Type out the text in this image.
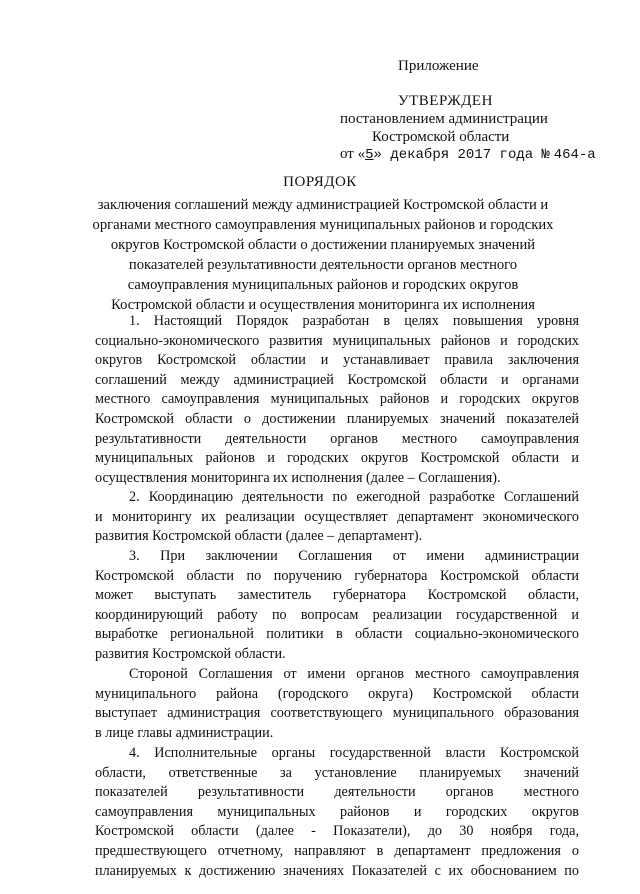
Приложение
УТВЕРЖДЕН
постановлением администрации
Костромской области
от «5» декабря 2017 года № 464-а
ПОРЯДОК
заключения соглашений между администрацией Костромской области и
органами местного самоуправления муниципальных районов и городских
округов Костромской области о достижении планируемых значений
показателей результативности деятельности органов местного
самоуправления муниципальных районов и городских округов
Костромской области и осуществления мониторинга их исполнения
1. Настоящий Порядок разработан в целях повышения уровня
социально-экономического развития муниципальных районов и городских
округов Костромской областии и устанавливает правила заключения
соглашений между администрацией Костромской области и органами
местного самоуправления муниципальных районов и городских округов
Костромской области о достижении планируемых значений показателей
результативности деятельности органов местного самоуправления
муниципальных районов и городских округов Костромской области и
осуществления мониторинга их исполнения (далее – Соглашения).
2. Координацию деятельности по ежегодной разработке Соглашений
и мониторингу их реализации осуществляет департамент экономического
развития Костромской области (далее – департамент).
3. При заключении Соглашения от имени администрации
Костромской области по поручению губернатора Костромской области
может выступать заместитель губернатора Костромской области,
координирующий работу по вопросам реализации государственной и
выработке региональной политики в области социально-экономического
развития Костромской области.
Стороной Соглашения от имени органов местного самоуправления
муниципального района (городского округа) Костромской области
выступает администрация соответствующего муниципального образования
в лице главы администрации.
4. Исполнительные органы государственной власти Костромской
области, ответственные за установление планируемых значений
показателей результативности деятельности органов местного
самоуправления муниципальных районов и городских округов
Костромской области (далее - Показатели), до 30 ноября года,
предшествующего отчетному, направляют в департамент предложения о
планируемых к достижению значениях Показателей с их обоснованием по
